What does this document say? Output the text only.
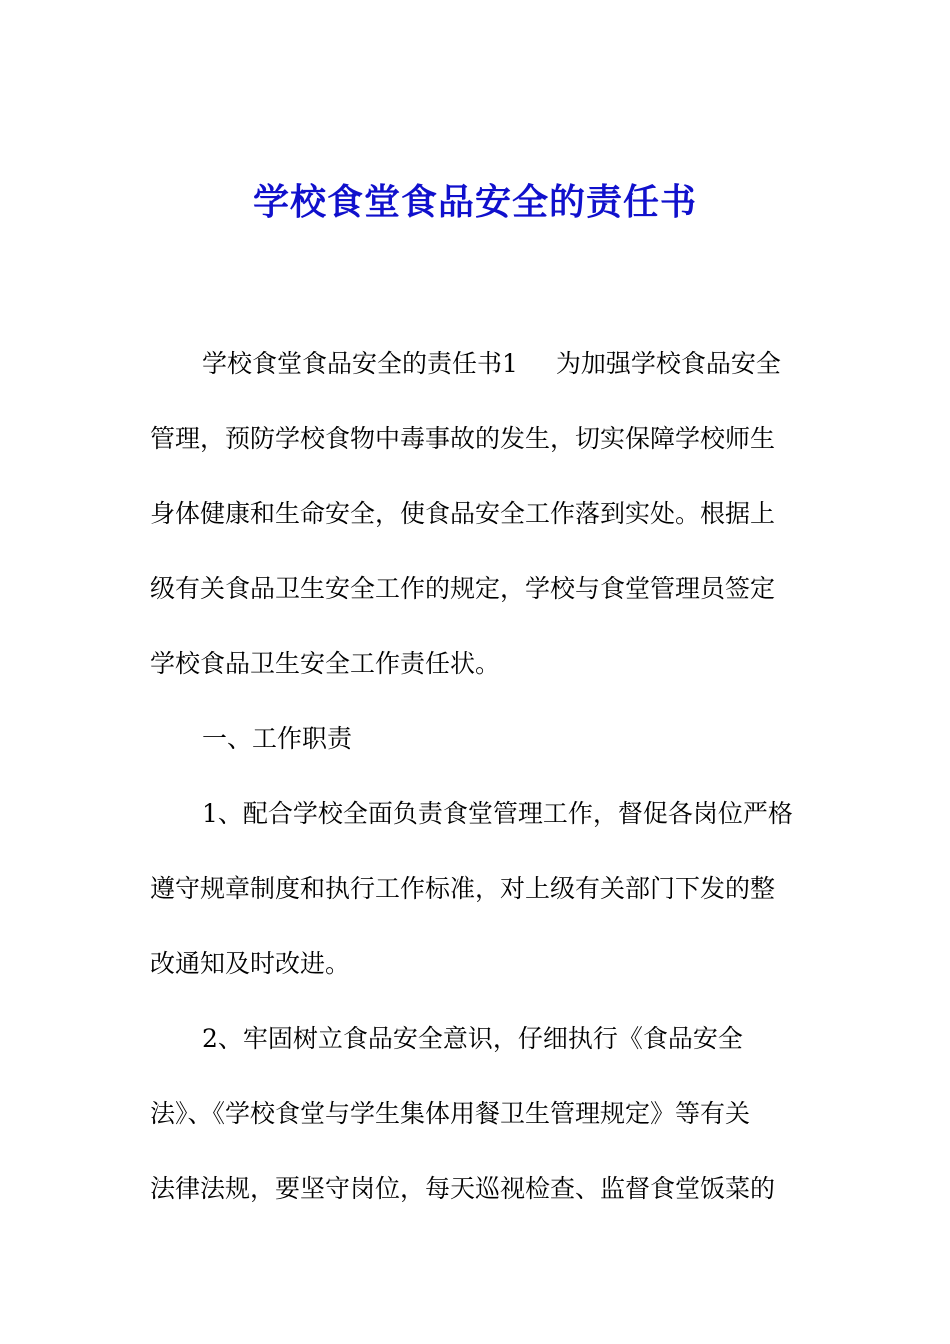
学校食堂食品安全的责任书

学校食堂食品安全的责任书1 为加强学校食品安全
管理，预防学校食物中毒事故的发生，切实保障学校师生
身体健康和生命安全，使食品安全工作落到实处。根据上
级有关食品卫生安全工作的规定，学校与食堂管理员签定
学校食品卫生安全工作责任状。

一、工作职责

1、配合学校全面负责食堂管理工作，督促各岗位严格
遵守规章制度和执行工作标准，对上级有关部门下发的整
改通知及时改进。

2、牢固树立食品安全意识，仔细执行《食品安全
法》、《学校食堂与学生集体用餐卫生管理规定》等有关
法律法规，要坚守岗位，每天巡视检查、监督食堂饭菜的
